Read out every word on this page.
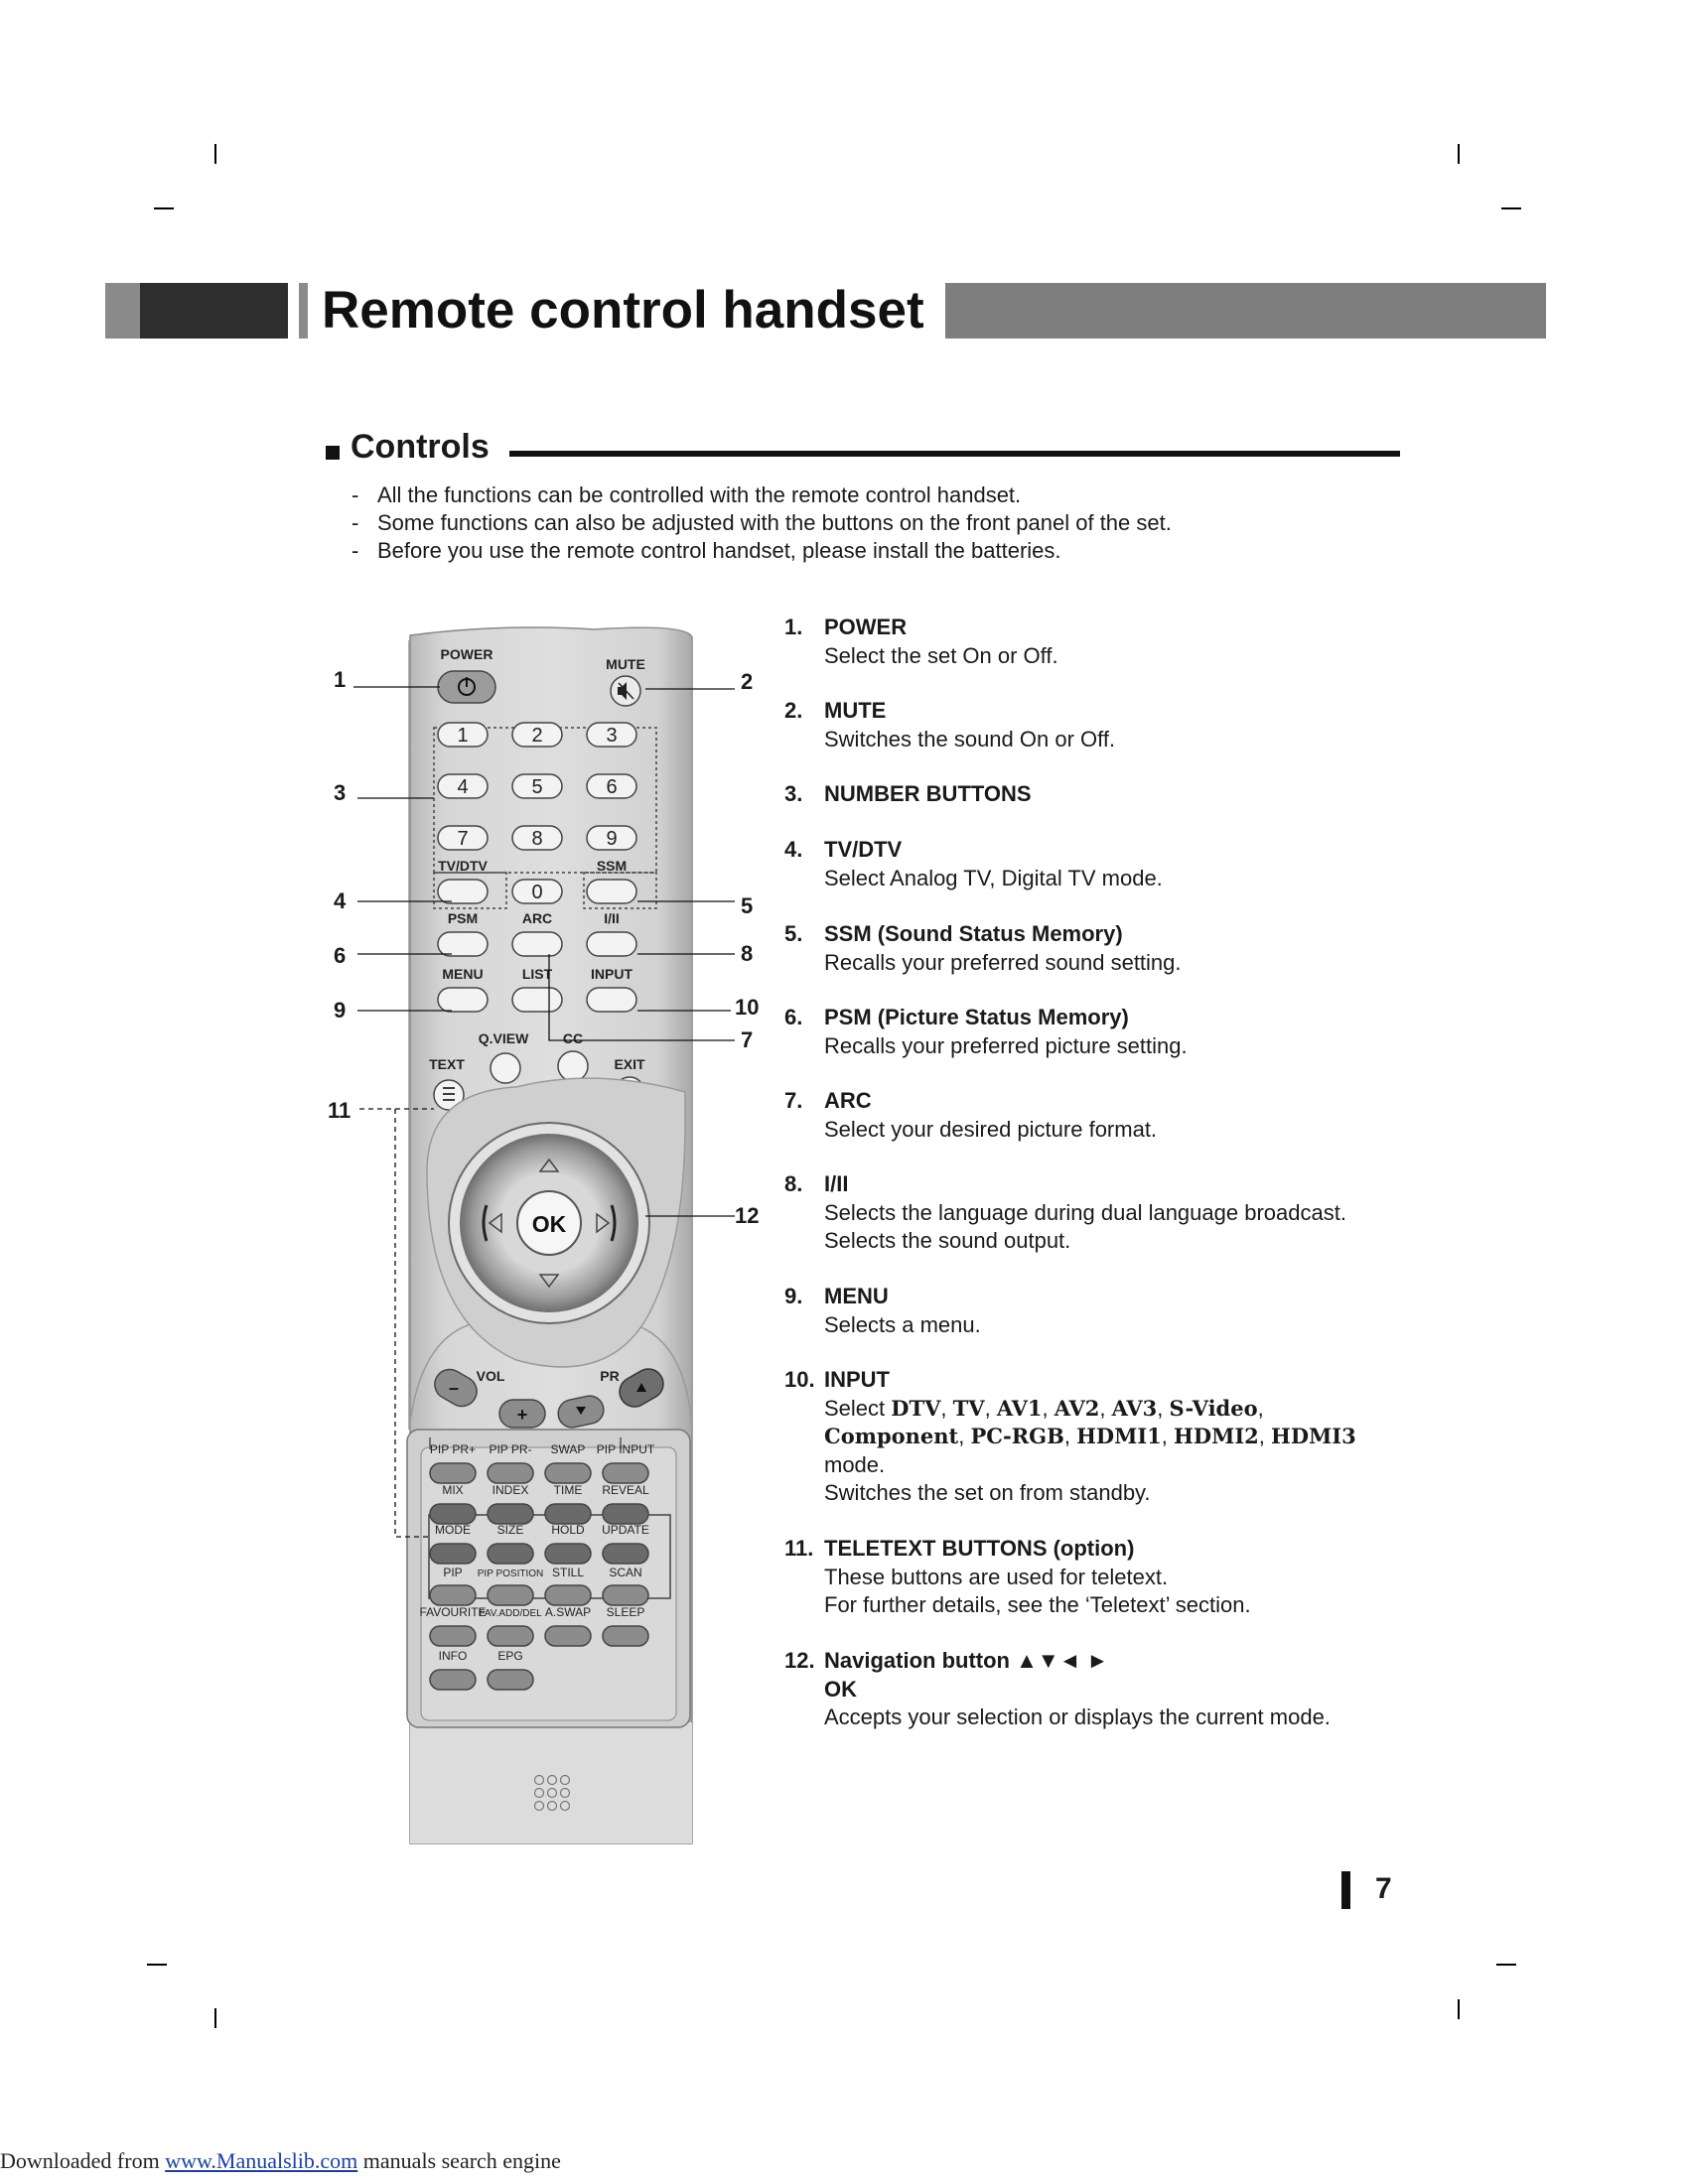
Remote control handset
Controls
- All the functions can be controlled with the remote control handset.
- Some functions can also be adjusted with the buttons on the front panel of the set.
- Before you use the remote control handset, please install the batteries.
POWER
MUTE
1	2	3
4	5	6
7	8	9
0
TV/DTV	SSM
PSM	ARC	I/II
MENU	LIST	INPUT
Q.VIEW CC
TEXT	EXIT
OK
VOL	PR
–
+
PIP PR+ PIP PR- SWAP PIP INPUT
MIX INDEX TIME REVEAL
MODE SIZE HOLD UPDATE
PIP PIP POSITION STILL SCAN
FAVOURITE
FAV.ADD/DEL A.SWAP SLEEP
INFO	EPG
1	2
3
4	5
6
7
8
9	10
11
12
1. POWER
Select the set On or Off.
2. MUTE
Switches the sound On or Off.
3. NUMBER BUTTONS
4. TV/DTV
Select Analog TV, Digital TV mode.
5. SSM (Sound Status Memory)
Recalls your preferred sound setting.
6. PSM (Picture Status Memory)
Recalls your preferred picture setting.
7. ARC
Select your desired picture format.
8. I/II
Selects the language during dual language broadcast.
Selects the sound output.
9. MENU
Selects a menu.
10. INPUT
Select DTV, TV, AV1, AV2, AV3, S-Video,
Component, PC-RGB, HDMI1, HDMI2, HDMI3
mode.
Switches the set on from standby.
11. TELETEXT BUTTONS (option)
These buttons are used for teletext.
For further details, see the ‘Teletext’ section.
12. Navigation button ▲▼◄ ►
OK
Accepts your selection or displays the current mode.
7
Downloaded from www.Manualslib.com manuals search engine
